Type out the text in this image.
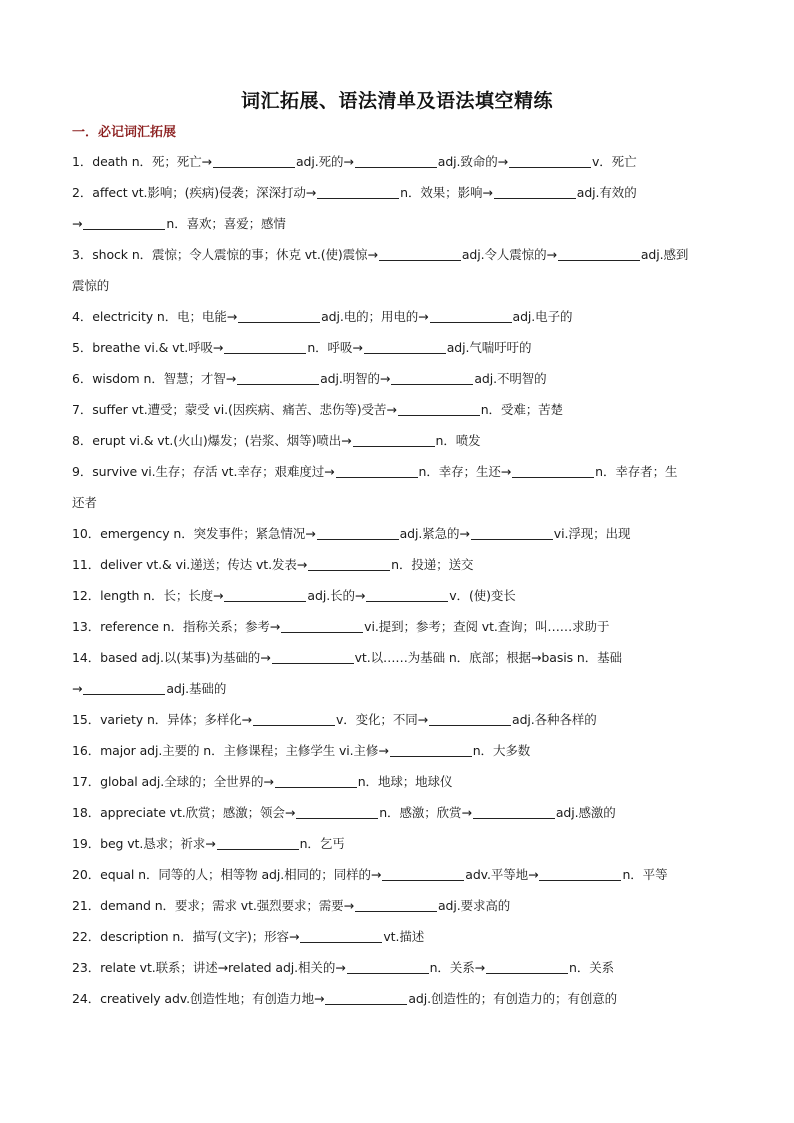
词汇拓展、语法清单及语法填空精练
一．必记词汇拓展
1．death n．死；死亡→	adj.死的→	adj.致命的→	v．死亡
2．affect vt.影响；(疾病)侵袭；深深打动→	n．效果；影响→	adj.有效的
→	n．喜欢；喜爱；感情
3．shock n．震惊；令人震惊的事；休克 vt.(使)震惊→	adj.令人震惊的→	adj.感到
震惊的
4．electricity n．电；电能→	adj.电的；用电的→	adj.电子的
5．breathe vi.& vt.呼吸→	n．呼吸→	adj.气喘吁吁的
6．wisdom n．智慧；才智→	adj.明智的→	adj.不明智的
7．suffer vt.遭受；蒙受 vi.(因疾病、痛苦、悲伤等)受苦→	n．受难；苦楚
8．erupt vi.& vt.(火山)爆发；(岩浆、烟等)喷出→	n．喷发
9．survive vi.生存；存活 vt.幸存；艰难度过→	n．幸存；生还→	n．幸存者；生
还者
10．emergency n．突发事件；紧急情况→	adj.紧急的→	vi.浮现；出现
11．deliver vt.& vi.递送；传达 vt.发表→	n．投递；送交
12．length n．长；长度→	adj.长的→	v．(使)变长
13．reference n．指称关系；参考→	vi.提到；参考；查阅 vt.查询；叫……求助于
14．based adj.以(某事)为基础的→	vt.以……为基础 n．底部；根据→basis n．基础
→	adj.基础的
15．variety n．异体；多样化→	v．变化；不同→	adj.各种各样的
16．major adj.主要的 n．主修课程；主修学生 vi.主修→	n．大多数
17．global adj.全球的；全世界的→	n．地球；地球仪
18．appreciate vt.欣赏；感激；领会→	n．感激；欣赏→	adj.感激的
19．beg vt.恳求；祈求→	n．乞丐
20．equal n．同等的人；相等物 adj.相同的；同样的→	adv.平等地→	n．平等
21．demand n．要求；需求 vt.强烈要求；需要→	adj.要求高的
22．description n．描写(文字)；形容→	vt.描述
23．relate vt.联系；讲述→related adj.相关的→	n．关系→	n．关系
24．creatively adv.创造性地；有创造力地→	adj.创造性的；有创造力的；有创意的
